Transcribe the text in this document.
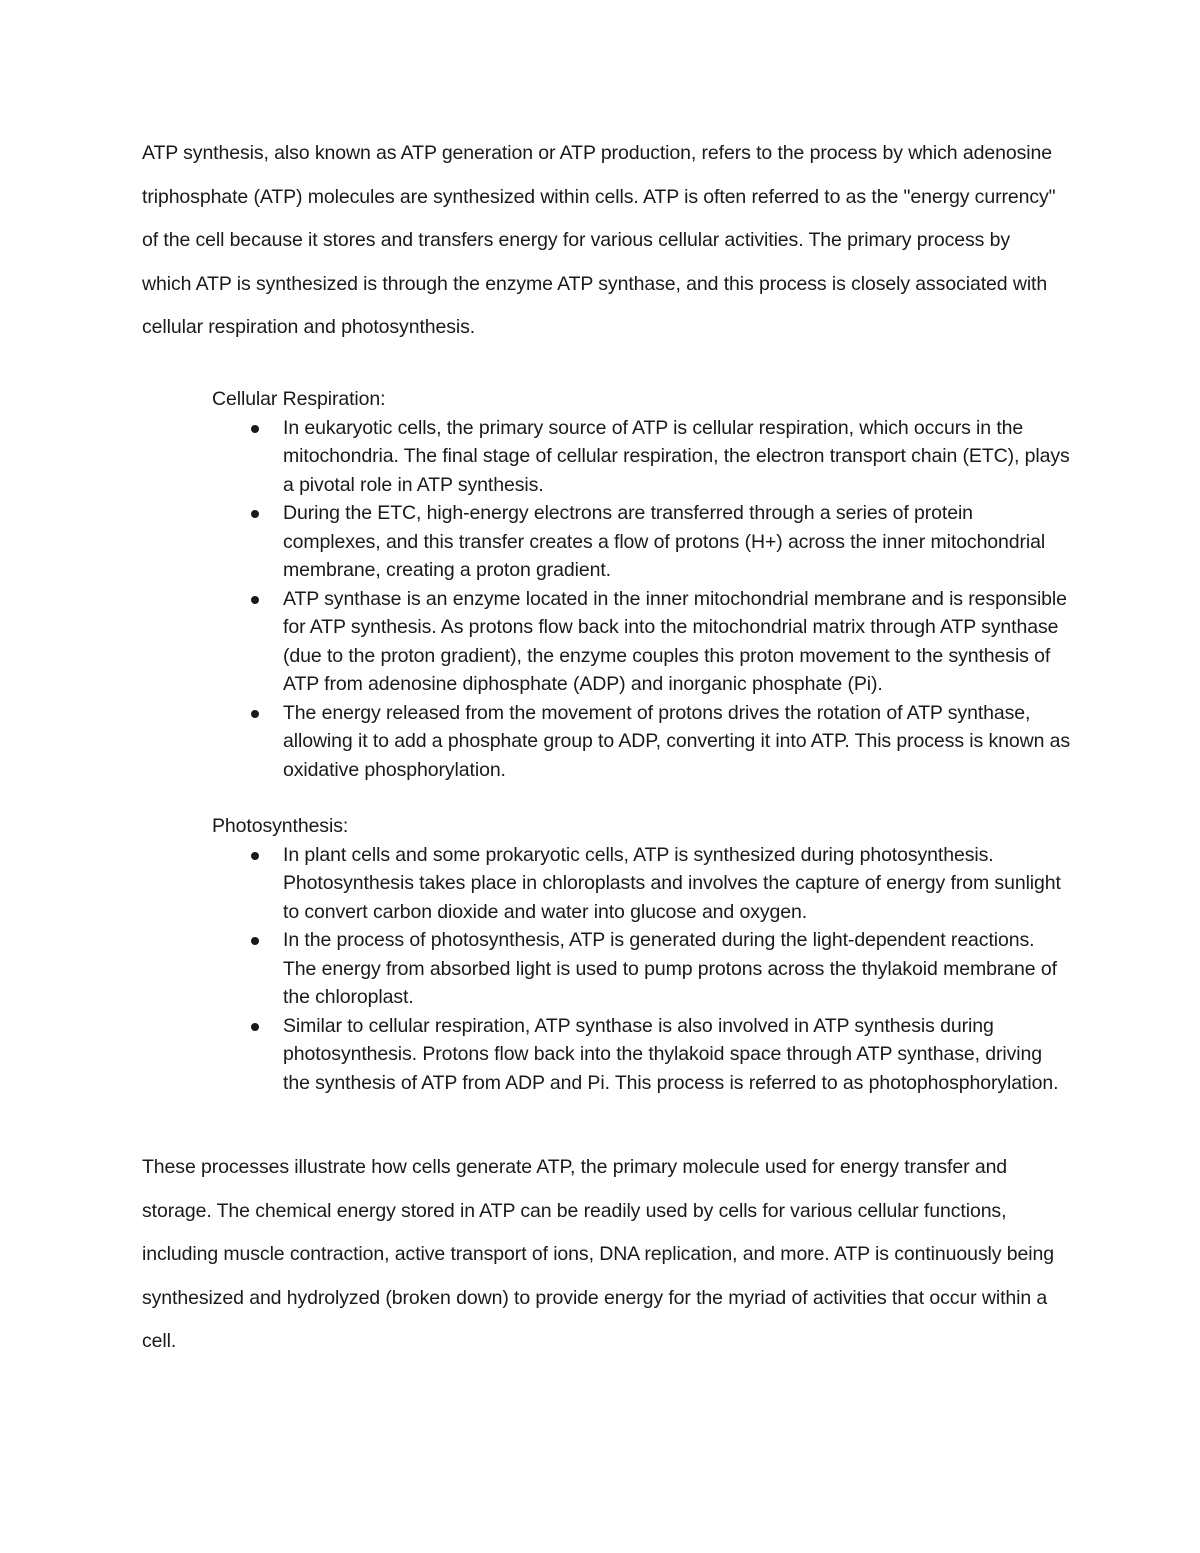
ATP synthesis, also known as ATP generation or ATP production, refers to the process by which adenosine triphosphate (ATP) molecules are synthesized within cells. ATP is often referred to as the "energy currency" of the cell because it stores and transfers energy for various cellular activities. The primary process by which ATP is synthesized is through the enzyme ATP synthase, and this process is closely associated with cellular respiration and photosynthesis.

Cellular Respiration:
In eukaryotic cells, the primary source of ATP is cellular respiration, which occurs in the mitochondria. The final stage of cellular respiration, the electron transport chain (ETC), plays a pivotal role in ATP synthesis.
During the ETC, high-energy electrons are transferred through a series of protein complexes, and this transfer creates a flow of protons (H+) across the inner mitochondrial membrane, creating a proton gradient.
ATP synthase is an enzyme located in the inner mitochondrial membrane and is responsible for ATP synthesis. As protons flow back into the mitochondrial matrix through ATP synthase (due to the proton gradient), the enzyme couples this proton movement to the synthesis of ATP from adenosine diphosphate (ADP) and inorganic phosphate (Pi).
The energy released from the movement of protons drives the rotation of ATP synthase, allowing it to add a phosphate group to ADP, converting it into ATP. This process is known as oxidative phosphorylation.
Photosynthesis:
In plant cells and some prokaryotic cells, ATP is synthesized during photosynthesis. Photosynthesis takes place in chloroplasts and involves the capture of energy from sunlight to convert carbon dioxide and water into glucose and oxygen.
In the process of photosynthesis, ATP is generated during the light-dependent reactions. The energy from absorbed light is used to pump protons across the thylakoid membrane of the chloroplast.
Similar to cellular respiration, ATP synthase is also involved in ATP synthesis during photosynthesis. Protons flow back into the thylakoid space through ATP synthase, driving the synthesis of ATP from ADP and Pi. This process is referred to as photophosphorylation.

These processes illustrate how cells generate ATP, the primary molecule used for energy transfer and storage. The chemical energy stored in ATP can be readily used by cells for various cellular functions, including muscle contraction, active transport of ions, DNA replication, and more. ATP is continuously being synthesized and hydrolyzed (broken down) to provide energy for the myriad of activities that occur within a cell.
